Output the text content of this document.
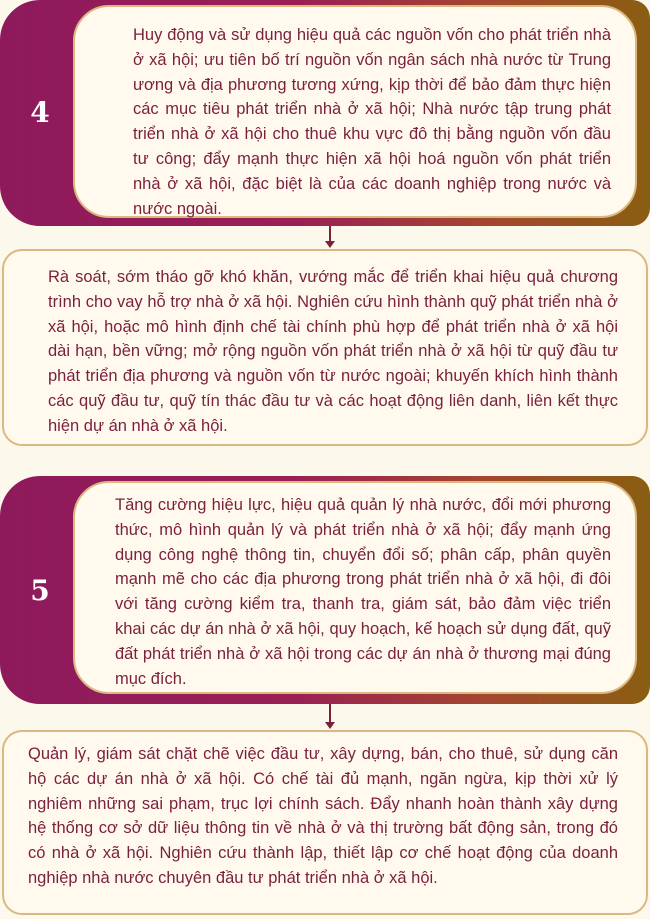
4
Huy động và sử dụng hiệu quả các nguồn vốn cho phát triển nhà ở xã hội; ưu tiên bố trí nguồn vốn ngân sách nhà nước từ Trung ương và địa phương tương xứng, kịp thời để bảo đảm thực hiện các mục tiêu phát triển nhà ở xã hội; Nhà nước tập trung phát triển nhà ở xã hội cho thuê khu vực đô thị bằng nguồn vốn đầu tư công; đẩy mạnh thực hiện xã hội hoá nguồn vốn phát triển nhà ở xã hội, đặc biệt là của các doanh nghiệp trong nước và nước ngoài.
Rà soát, sớm tháo gỡ khó khăn, vướng mắc để triển khai hiệu quả chương trình cho vay hỗ trợ nhà ở xã hội. Nghiên cứu hình thành quỹ phát triển nhà ở xã hội, hoặc mô hình định chế tài chính phù hợp để phát triển nhà ở xã hội dài hạn, bền vững; mở rộng nguồn vốn phát triển nhà ở xã hội từ quỹ đầu tư phát triển địa phương và nguồn vốn từ nước ngoài; khuyến khích hình thành các quỹ đầu tư, quỹ tín thác đầu tư và các hoạt động liên danh, liên kết thực hiện dự án nhà ở xã hội.
5
Tăng cường hiệu lực, hiệu quả quản lý nhà nước, đổi mới phương thức, mô hình quản lý và phát triển nhà ở xã hội; đẩy mạnh ứng dụng công nghệ thông tin, chuyển đổi số; phân cấp, phân quyền mạnh mẽ cho các địa phương trong phát triển nhà ở xã hội, đi đôi với tăng cường kiểm tra, thanh tra, giám sát, bảo đảm việc triển khai các dự án nhà ở xã hội, quy hoạch, kế hoạch sử dụng đất, quỹ đất phát triển nhà ở xã hội trong các dự án nhà ở thương mại đúng mục đích.
Quản lý, giám sát chặt chẽ việc đầu tư, xây dựng, bán, cho thuê, sử dụng căn hộ các dự án nhà ở xã hội. Có chế tài đủ mạnh, ngăn ngừa, kịp thời xử lý nghiêm những sai phạm, trục lợi chính sách. Đẩy nhanh hoàn thành xây dựng hệ thống cơ sở dữ liệu thông tin về nhà ở và thị trường bất động sản, trong đó có nhà ở xã hội. Nghiên cứu thành lập, thiết lập cơ chế hoạt động của doanh nghiệp nhà nước chuyên đầu tư phát triển nhà ở xã hội.
